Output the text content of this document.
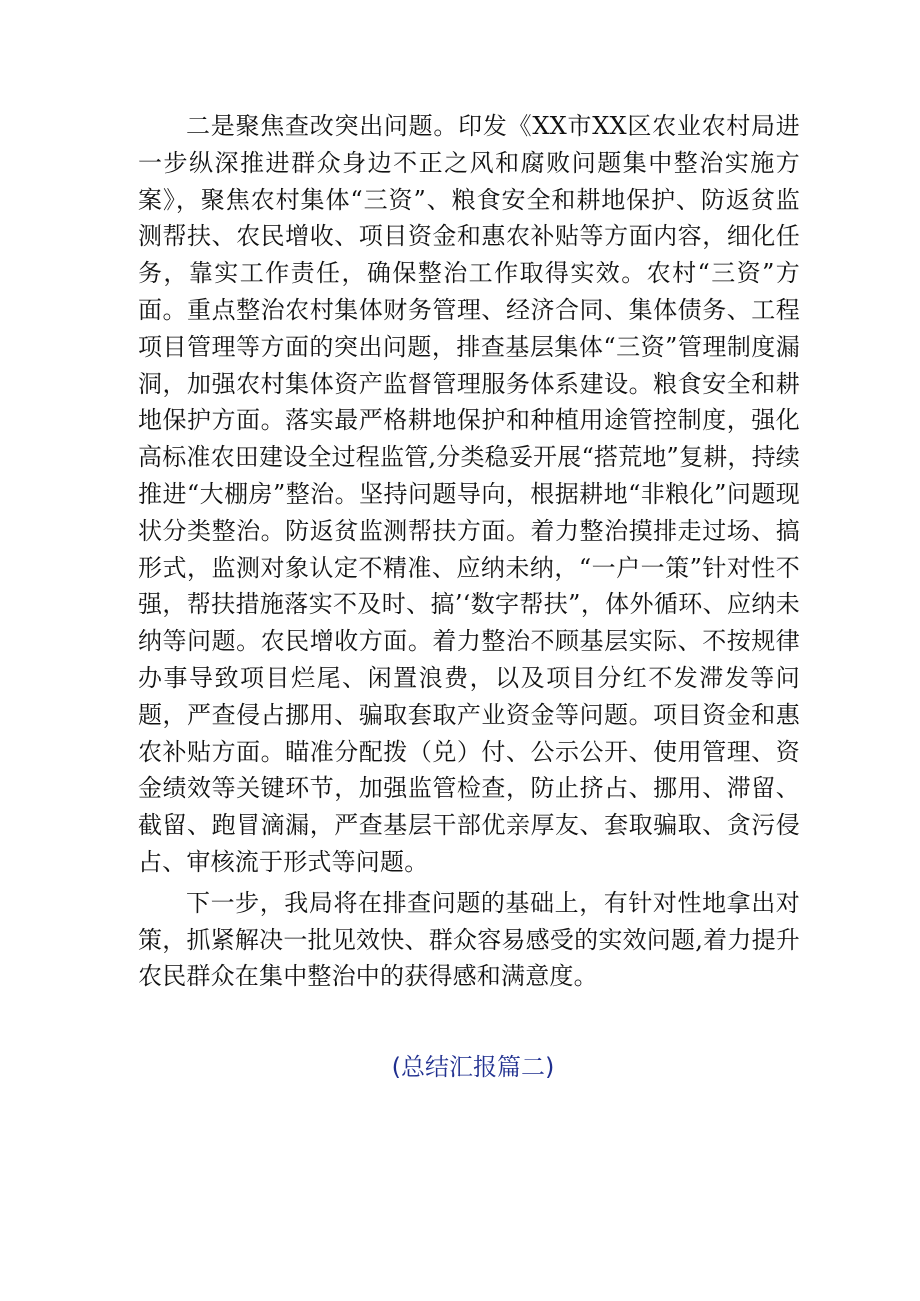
二是聚焦查改突出问题。印发《XX市XX区农业农村局进一步纵深推进群众身边不正之风和腐败问题集中整治实施方案》，聚焦农村集体“三资”、粮食安全和耕地保护、防返贫监测帮扶、农民增收、项目资金和惠农补贴等方面内容，细化任务，靠实工作责任，确保整治工作取得实效。农村“三资”方面。重点整治农村集体财务管理、经济合同、集体债务、工程项目管理等方面的突出问题，排查基层集体“三资”管理制度漏洞，加强农村集体资产监督管理服务体系建设。粮食安全和耕地保护方面。落实最严格耕地保护和种植用途管控制度，强化高标准农田建设全过程监管,分类稳妥开展“搭荒地”复耕，持续推进“大棚房”整治。坚持问题导向，根据耕地“非粮化”问题现状分类整治。防返贫监测帮扶方面。着力整治摸排走过场、搞形式，监测对象认定不精准、应纳未纳，“一户一策”针对性不强，帮扶措施落实不及时、搞’‘数字帮扶”，体外循环、应纳未纳等问题。农民增收方面。着力整治不顾基层实际、不按规律办事导致项目烂尾、闲置浪费，以及项目分红不发滞发等问题，严查侵占挪用、骗取套取产业资金等问题。项目资金和惠农补贴方面。瞄准分配拨（兑）付、公示公开、使用管理、资金绩效等关键环节，加强监管检查，防止挤占、挪用、滞留、截留、跑冒滴漏，严查基层干部优亲厚友、套取骗取、贪污侵占、审核流于形式等问题。

下一步，我局将在排查问题的基础上，有针对性地拿出对策，抓紧解决一批见效快、群众容易感受的实效问题,着力提升农民群众在集中整治中的获得感和满意度。

(总结汇报篇二)
